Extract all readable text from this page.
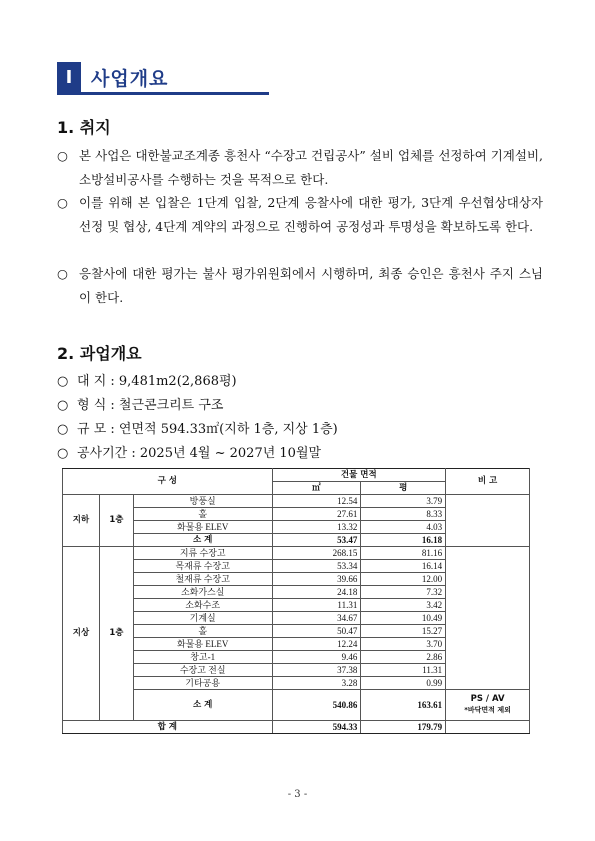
Ⅰ 사업개요
1. 취지
○ 본 사업은 대한불교조계종 흥천사 “수장고 건립공사” 설비 업체를 선정하여 기계설비, 소방설비공사를 수행하는 것을 목적으로 한다.
○ 이를 위해 본 입찰은 1단계 입찰, 2단계 응찰사에 대한 평가, 3단계 우선협상대상자 선정 및 협상, 4단계 계약의 과정으로 진행하여 공정성과 투명성을 확보하도록 한다.
○ 응찰사에 대한 평가는 불사 평가위원회에서 시행하며, 최종 승인은 흥천사 주지 스님이 한다.
2. 과업개요
○ 대 지 : 9,481m2(2,868평)
○ 형 식 : 철근콘크리트 구조
○ 규 모 : 연면적 594.33㎡(지하 1층, 지상 1층)
○ 공사기간 : 2025년 4월 ~ 2027년 10월말
구 성			건물 면적		비 고
			㎡	평	
지하	1층	방풍실	12.54	3.79	
		홀	27.61	8.33	
		화물용 ELEV	13.32	4.03	
		소 계	53.47	16.18	
지상	1층	지류 수장고	268.15	81.16	
		목재류 수장고	53.34	16.14	
		철재류 수장고	39.66	12.00	
		소화가스실	24.18	7.32	
		소화수조	11.31	3.42	
		기계실	34.67	10.49	
		홀	50.47	15.27	
		화물용 ELEV	12.24	3.70	
		창고-1	9.46	2.86	
		수장고 전실	37.38	11.31	
		기타공용	3.28	0.99	
		소 계	540.86	163.61	PS / AV
*바닥면적 제외

합 계			594.33	179.79	
- 3 -
